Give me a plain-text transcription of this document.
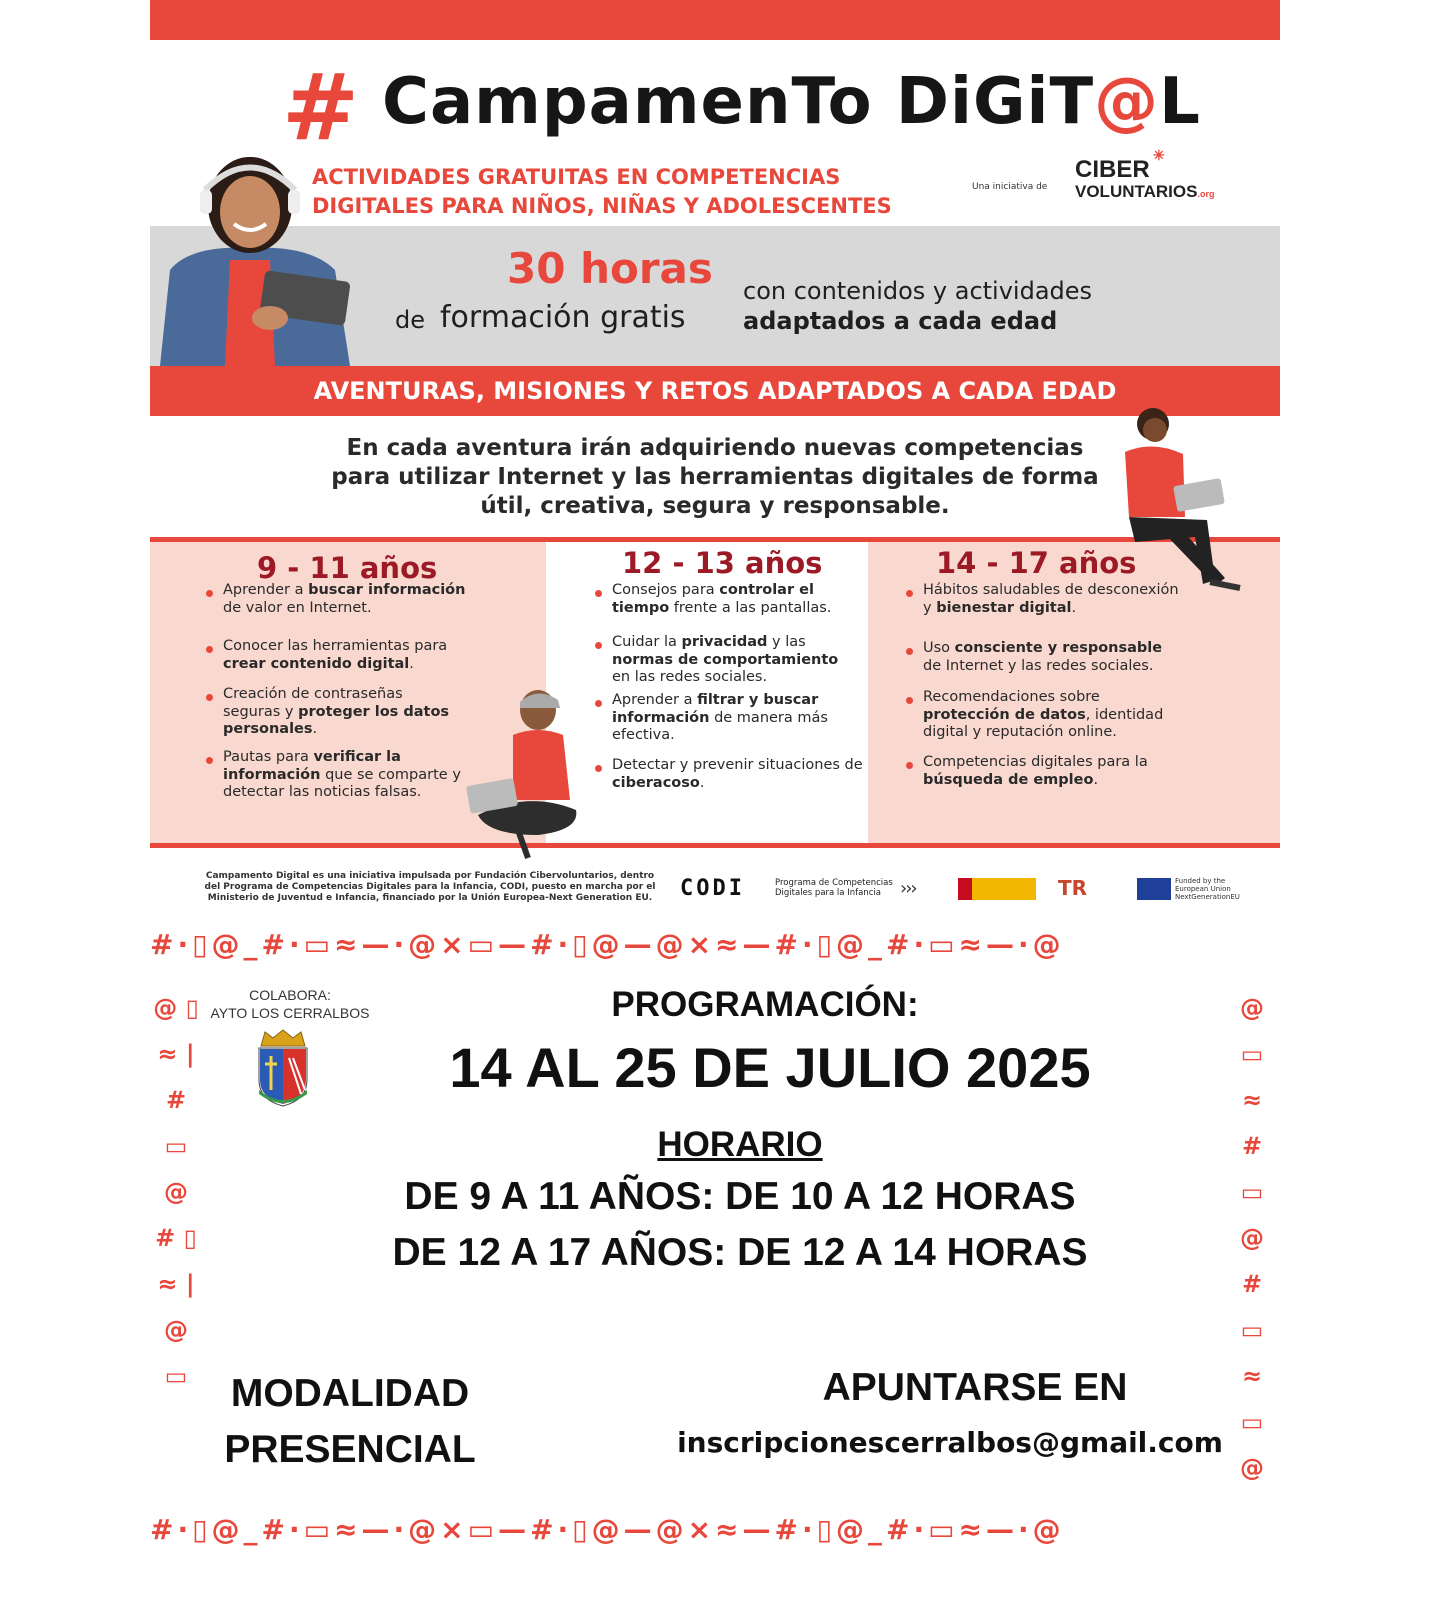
# CampamenTo DiGiT@L
ACTIVIDADES GRATUITAS EN COMPETENCIAS
DIGITALES PARA NIÑOS, NIÑAS Y ADOLESCENTES
Una iniciativa de
✳
CIBER
VOLUNTARIOS.org
30 horas
de formación gratis
con contenidos y actividades
adaptados a cada edad
AVENTURAS, MISIONES Y RETOS ADAPTADOS A CADA EDAD
En cada aventura irán adquiriendo nuevas competencias para utilizar Internet y las herramientas digitales de forma útil, creativa, segura y responsable.
9 - 11 años	12 - 13 años	14 - 17 años
Aprender a buscar información de valor en Internet.
Conocer las herramientas para crear contenido digital.
Creación de contraseñas seguras y proteger los datos personales.
Pautas para verificar la información que se comparte y detectar las noticias falsas.
Consejos para controlar el tiempo frente a las pantallas.
Cuidar la privacidad y las normas de comportamiento en las redes sociales.
Aprender a filtrar y buscar información de manera más efectiva.
Detectar y prevenir situaciones de ciberacoso.
Hábitos saludables de desconexión y bienestar digital.
Uso consciente y responsable de Internet y las redes sociales.
Recomendaciones sobre protección de datos, identidad digital y reputación online.
Competencias digitales para la búsqueda de empleo.
Campamento Digital es una iniciativa impulsada por Fundación Cibervoluntarios, dentro del Programa de Competencias Digitales para la Infancia, CODI, puesto en marcha por el Ministerio de Juventud e Infancia, financiado por la Unión Europea-Next Generation EU.	CODI	Programa de Competencias
Digitales para la Infancia	›››	TR	Funded by the
European Union
NextGenerationEU
#·▯@_#·▭≈—·@×▭—#·▯@—@×≈—#·▯@_#·▭≈—·@
#·▯@_#·▭≈—·@×▭—#·▯@—@×≈—#·▯@_#·▭≈—·@
@ ▯ ≈ | # ▭ @ # ▯ ≈ | @ ▭
@ ▭ ≈ # ▭ @ # ▭ ≈ ▭ @
COLABORA:
AYTO LOS CERRALBOS	PROGRAMACIÓN:
14 AL 25 DE JULIO 2025
HORARIO
DE 9 A 11 AÑOS: DE 10 A 12 HORAS
DE 12 A 17 AÑOS: DE 12 A 14 HORAS
MODALIDAD
PRESENCIAL
APUNTARSE EN
inscripcionescerralbos@gmail.com
